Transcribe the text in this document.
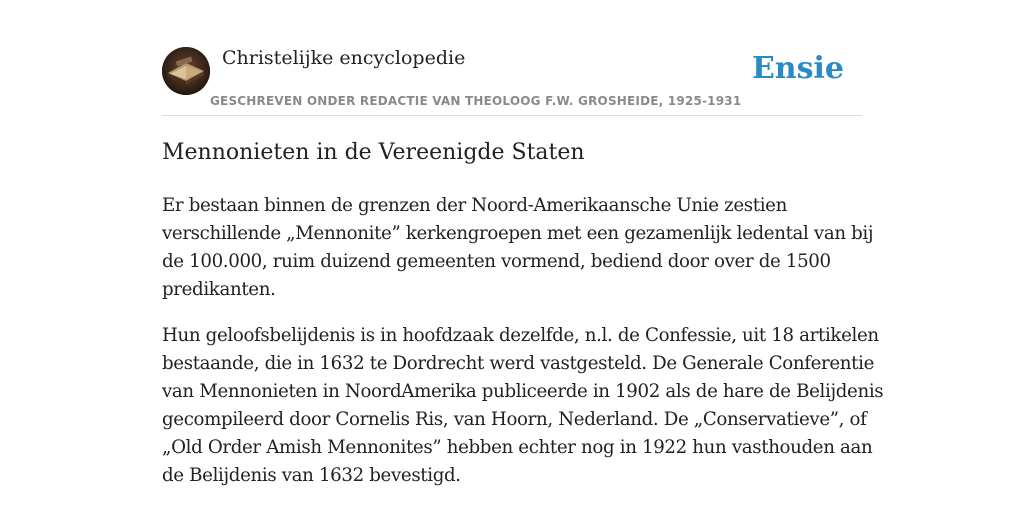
Christelijke encyclopedie
GESCHREVEN ONDER REDACTIE VAN THEOLOOG F.W. GROSHEIDE, 1925-1931
Ensie
Mennonieten in de Vereenigde Staten

Er bestaan binnen de grenzen der Noord-Amerikaansche Unie zestien
verschillende „Mennonite” kerkengroepen met een gezamenlijk ledental van bij
de 100.000, ruim duizend gemeenten vormend, bediend door over de 1500
predikanten.

Hun geloofsbelijdenis is in hoofdzaak dezelfde, n.l. de Confessie, uit 18 artikelen
bestaande, die in 1632 te Dordrecht werd vastgesteld. De Generale Conferentie
van Mennonieten in NoordAmerika publiceerde in 1902 als de hare de Belijdenis
gecompileerd door Cornelis Ris, van Hoorn, Nederland. De „Conservatieve”, of
„Old Order Amish Mennonites” hebben echter nog in 1922 hun vasthouden aan
de Belijdenis van 1632 bevestigd.
